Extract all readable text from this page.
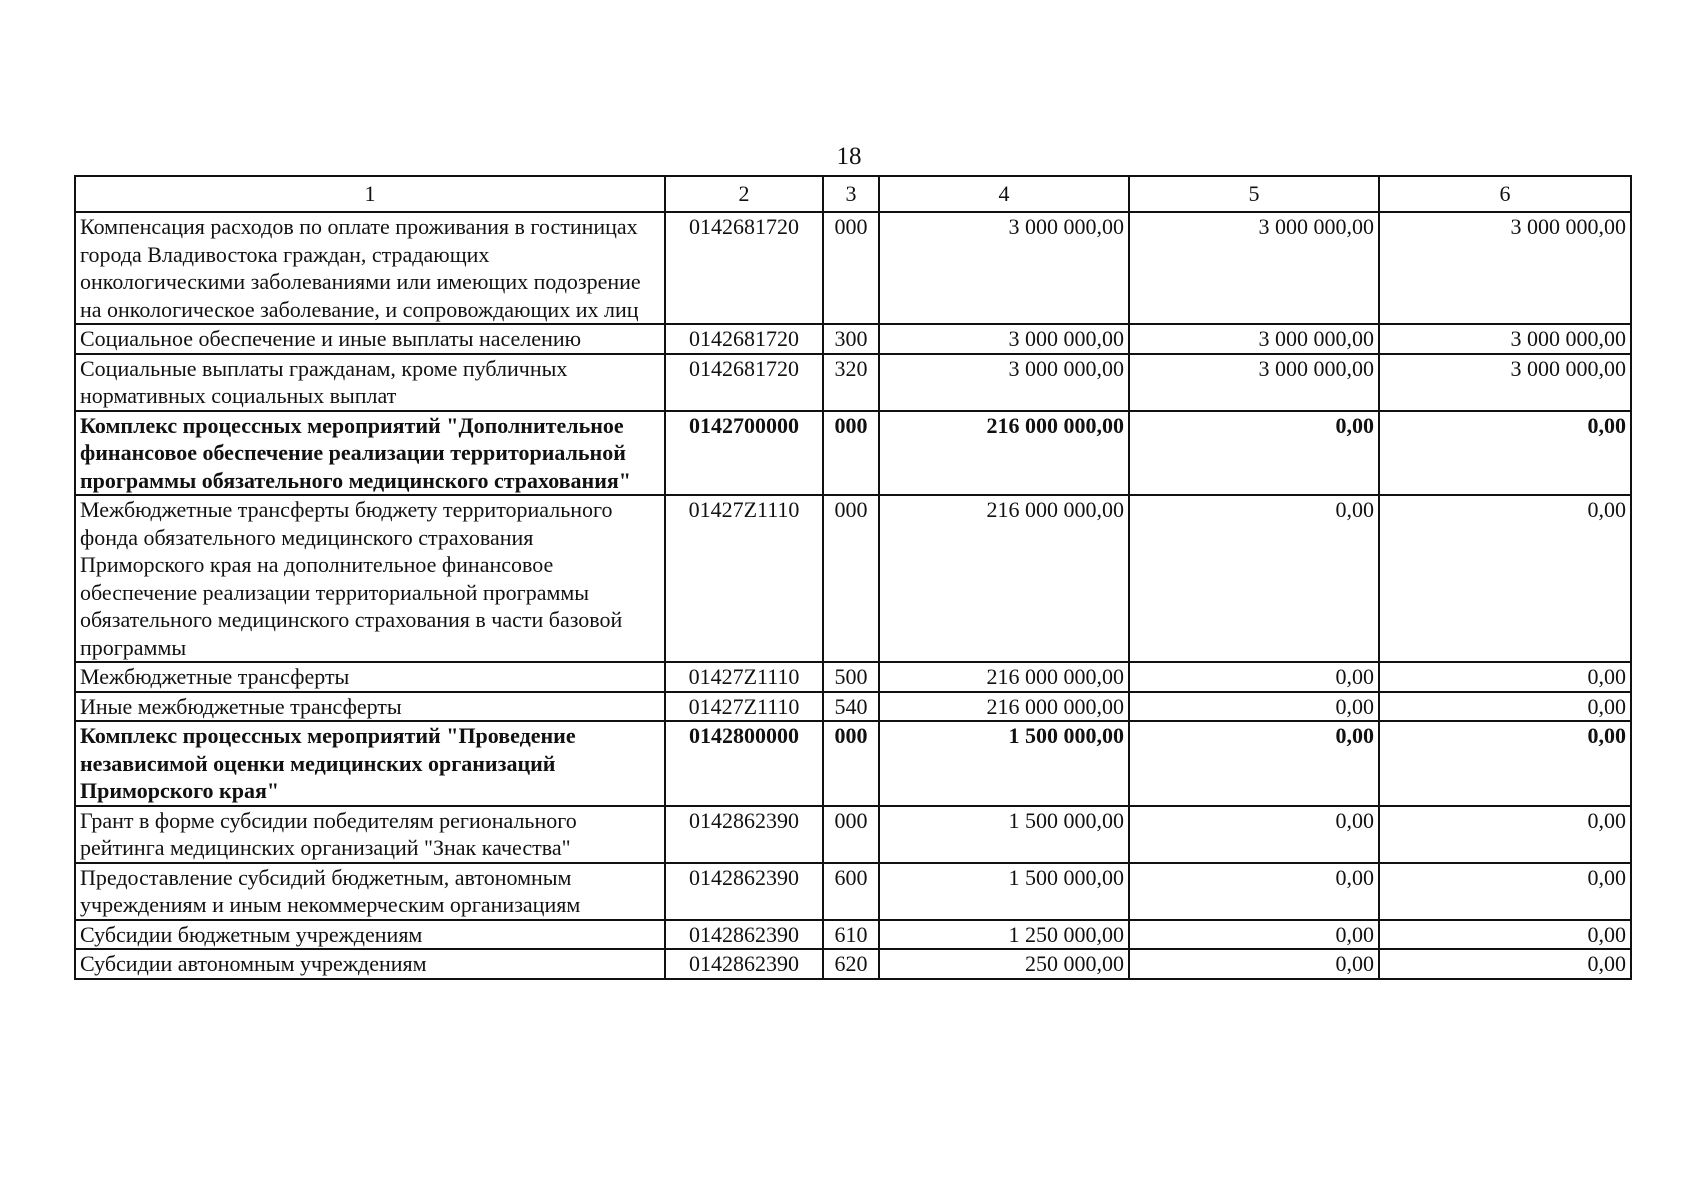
18
1	2	3	4	5	6
Компенсация расходов по оплате проживания в гостиницах города Владивостока граждан, страдающих онкологическими заболеваниями или имеющих подозрение на онкологическое заболевание, и сопровождающих их лиц	0142681720	000	3 000 000,00	3 000 000,00	3 000 000,00
Социальное обеспечение и иные выплаты населению	0142681720	300	3 000 000,00	3 000 000,00	3 000 000,00
Социальные выплаты гражданам, кроме публичных нормативных социальных выплат	0142681720	320	3 000 000,00	3 000 000,00	3 000 000,00
Комплекс процессных мероприятий "Дополнительное финансовое обеспечение реализации территориальной программы обязательного медицинского страхования"	0142700000	000	216 000 000,00	0,00	0,00
Межбюджетные трансферты бюджету территориального фонда обязательного медицинского страхования Приморского края на дополнительное финансовое обеспечение реализации территориальной программы обязательного медицинского страхования в части базовой программы	01427Z1110	000	216 000 000,00	0,00	0,00
Межбюджетные трансферты	01427Z1110	500	216 000 000,00	0,00	0,00
Иные межбюджетные трансферты	01427Z1110	540	216 000 000,00	0,00	0,00
Комплекс процессных мероприятий "Проведение независимой оценки медицинских организаций Приморского края"	0142800000	000	1 500 000,00	0,00	0,00
Грант в форме субсидии победителям регионального рейтинга медицинских организаций "Знак качества"	0142862390	000	1 500 000,00	0,00	0,00
Предоставление субсидий бюджетным, автономным учреждениям и иным некоммерческим организациям	0142862390	600	1 500 000,00	0,00	0,00
Субсидии бюджетным учреждениям	0142862390	610	1 250 000,00	0,00	0,00
Субсидии автономным учреждениям	0142862390	620	250 000,00	0,00	0,00
